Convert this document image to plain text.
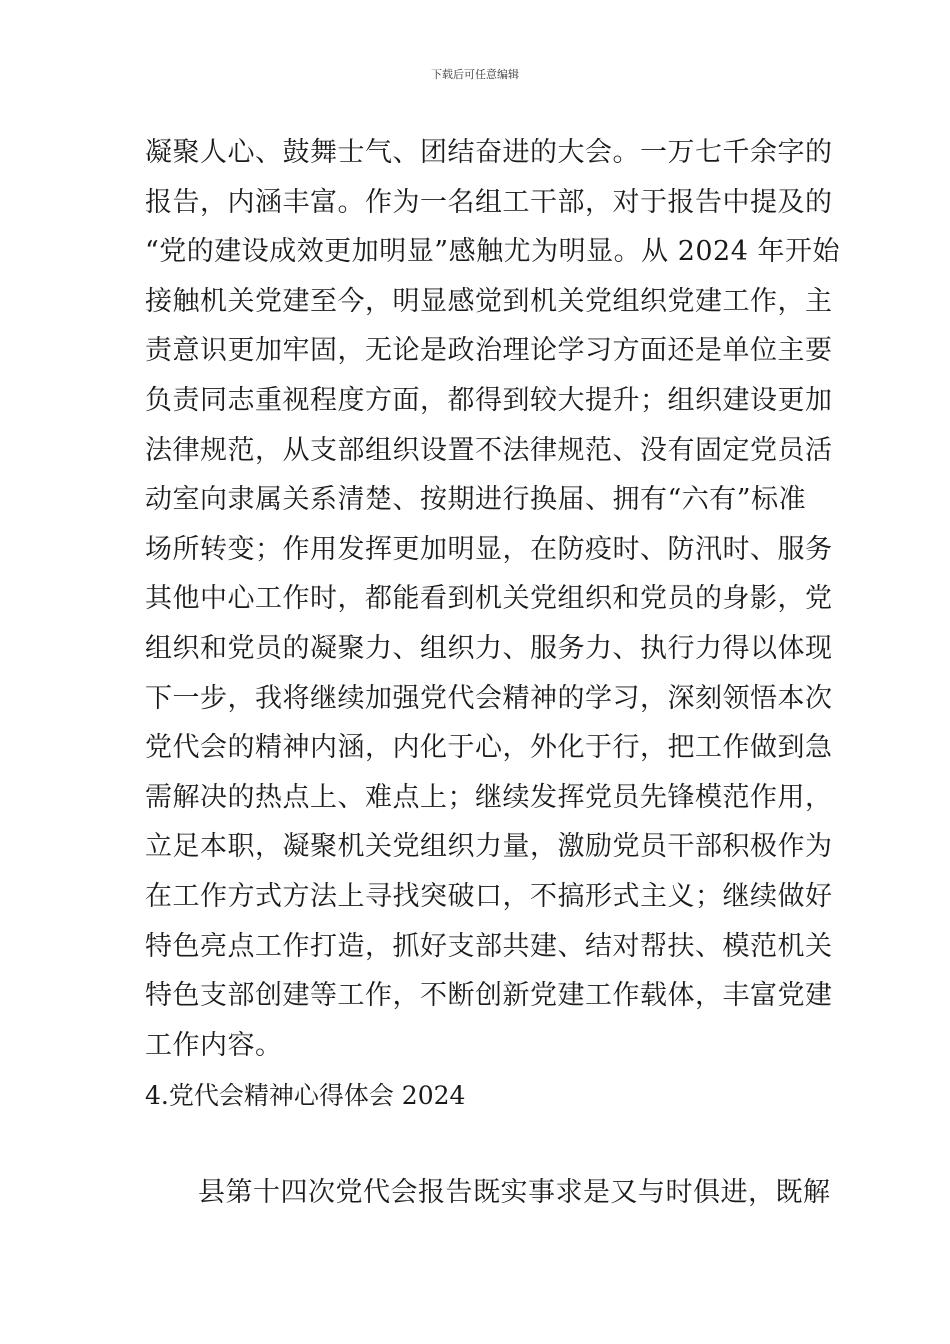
下载后可任意编辑
凝聚人心、鼓舞士气、团结奋进的大会。一万七千余字的
报告，内涵丰富。作为一名组工干部，对于报告中提及的
“党的建设成效更加明显”感触尤为明显。从 2024 年开始
接触机关党建至今，明显感觉到机关党组织党建工作，主
责意识更加牢固，无论是政治理论学习方面还是单位主要
负责同志重视程度方面，都得到较大提升；组织建设更加
法律规范，从支部组织设置不法律规范、没有固定党员活
动室向隶属关系清楚、按期进行换届、拥有“六有”标准
场所转变；作用发挥更加明显，在防疫时、防汛时、服务
其他中心工作时，都能看到机关党组织和党员的身影，党
组织和党员的凝聚力、组织力、服务力、执行力得以体现
下一步，我将继续加强党代会精神的学习，深刻领悟本次
党代会的精神内涵，内化于心，外化于行，把工作做到急
需解决的热点上、难点上；继续发挥党员先锋模范作用，
立足本职，凝聚机关党组织力量，激励党员干部积极作为
在工作方式方法上寻找突破口，不搞形式主义；继续做好
特色亮点工作打造，抓好支部共建、结对帮扶、模范机关
特色支部创建等工作，不断创新党建工作载体，丰富党建
工作内容。
4.党代会精神心得体会 2024
县第十四次党代会报告既实事求是又与时俱进，既解
